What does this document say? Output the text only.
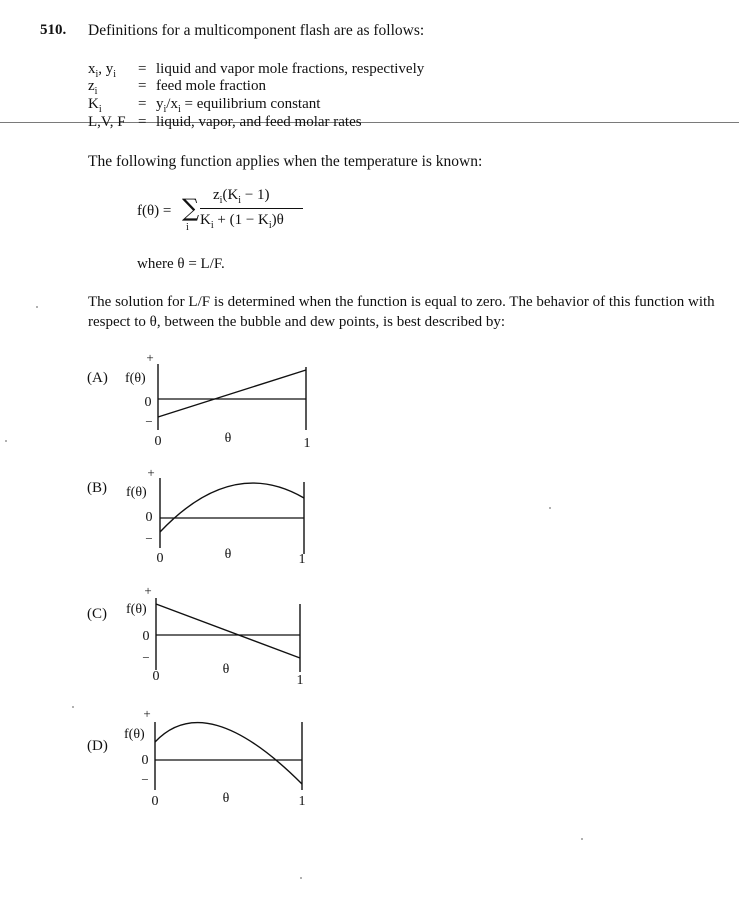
510. Definitions for a multicomponent flash are as follows:
$x_i$, $y_i$ = liquid and vapor mole fractions, respectively
$z_i$	= feed mole fraction
$K_i = y_i/x_i$ = equilibrium constant
L,V, F = liquid, vapor, and feed molar rates
The following function applies when the temperature is known:
f(θ) = ∑
i
$z_i(K_i - 1)$
$K_i + (1 - K_i)\theta$
where θ = L/F.
The solution for L/F is determined when the function is equal to zero. The behavior of this function with respect to θ, between the bubble and dew points, is best described by:
(A)
+
f(θ)
0
−
0	θ	1
(B)
+
f(θ)
0
−
0	θ	1
(C)
+
f(θ)
0
−
0	θ
1
(D)
+
f(θ)
0
−
0	θ	1
